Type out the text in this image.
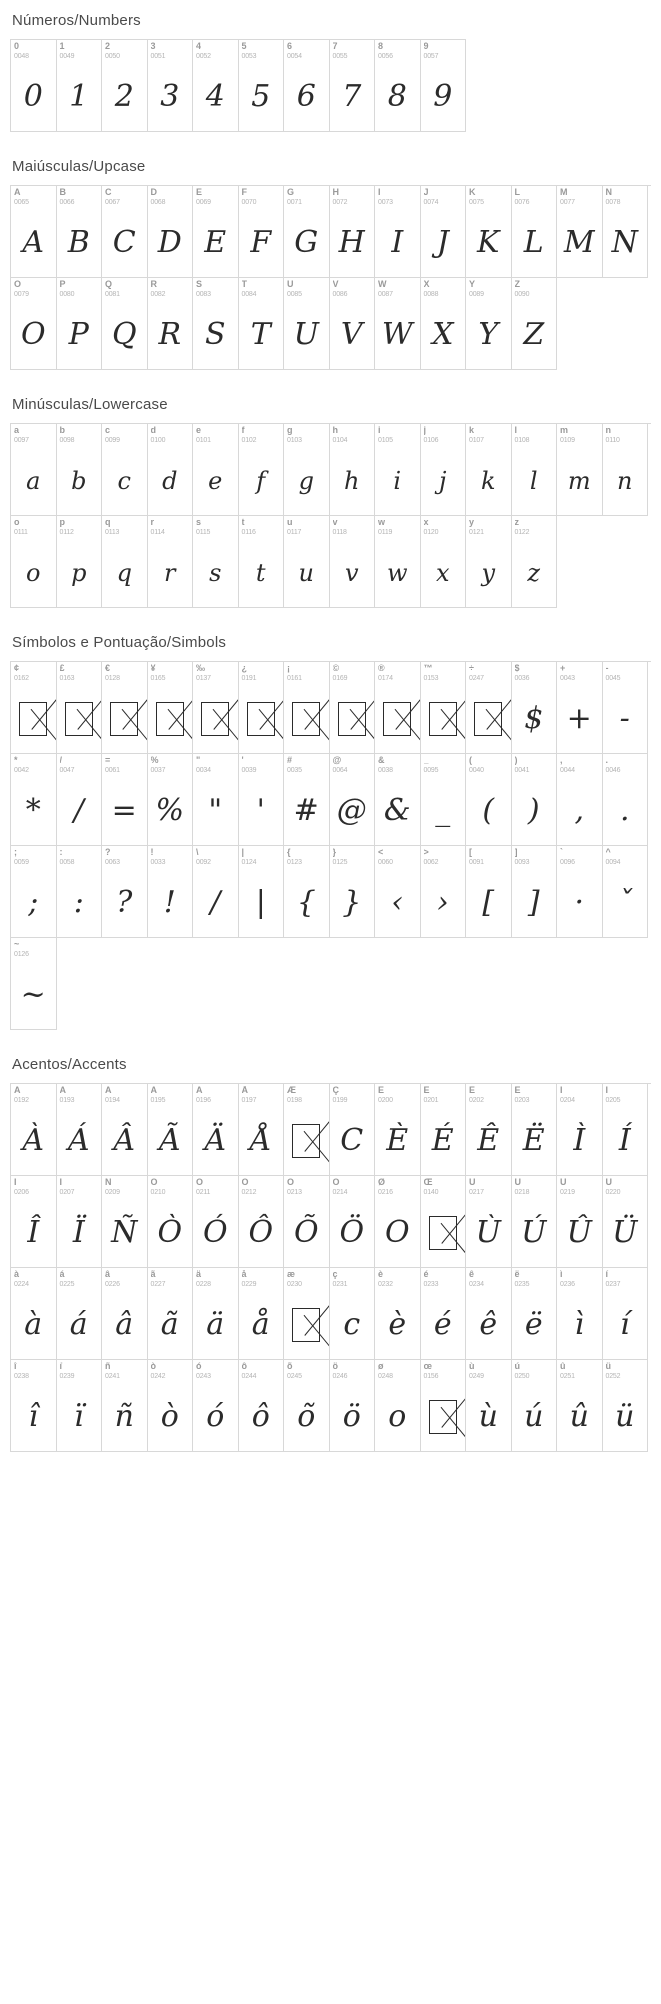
Números/Numbers
0
0048
0
1
0049
1
2
0050
2
3
0051
3
4
0052
4
5
0053
5
6
0054
6
7
0055
7
8
0056
8
9
0057
9
Maiúsculas/Upcase
A
0065
A
B
0066
B
C
0067
C
D
0068
D
E
0069
E
F
0070
F
G
0071
G
H
0072
H
I
0073
I
J
0074
J
K
0075
K
L
0076
L
M
0077
M
N
0078
N
O
0079
O
P
0080
P
Q
0081
Q
R
0082
R
S
0083
S
T
0084
T
U
0085
U
V
0086
V
W
0087
W
X
0088
X
Y
0089
Y
Z
0090
Z
Minúsculas/Lowercase
a
0097
a
b
0098
b
c
0099
c
d
0100
d
e
0101
e
f
0102
f
g
0103
g
h
0104
h
i
0105
i
j
0106
j
k
0107
k
l
0108
l
m
0109
m
n
0110
n
o
0111
o
p
0112
p
q
0113
q
r
0114
r
s
0115
s
t
0116
t
u
0117
u
v
0118
v
w
0119
w
x
0120
x
y
0121
y
z
0122
z
Símbolos e Pontuação/Simbols
¢
0162
£
0163
€
0128
¥
0165
‰
0137
¿
0191
¡
0161
©
0169
®
0174
™
0153
÷
0247
$
0036
$
+
0043
+
-
0045
-
*
0042
*
/
0047
/
=
0061
=
%
0037
%
"
0034
"
'
0039
'
#
0035
#
@
0064
@
&
0038
&
_
0095
_
(
0040
(
)
0041
)
,
0044
,
.
0046
.
;
0059
;
:
0058
:
?
0063
?
!
0033
!
\
0092
/
|
0124
|
{
0123
{
}
0125
}
<
0060
‹
>
0062
›
[
0091
[
]
0093
]
`
0096
·
^
0094
ˇ
~
0126
~
Acentos/Accents
À
0192
À
Á
0193
Á
Â
0194
Â
Ã
0195
Ã
Ä
0196
Ä
Å
0197
Å
Æ
0198
Ç
0199
C
È
0200
È
É
0201
É
Ê
0202
Ê
Ë
0203
Ë
Ì
0204
Ì
Í
0205
Í
Î
0206
Î
Ï
0207
Ï
Ñ
0209
Ñ
Ò
0210
Ò
Ó
0211
Ó
Ô
0212
Ô
Õ
0213
Õ
Ö
0214
Ö
Ø
0216
O
Œ
0140
Ù
0217
Ù
Ú
0218
Ú
Û
0219
Û
Ü
0220
Ü
à
0224
à
á
0225
á
â
0226
â
ã
0227
ã
ä
0228
ä
å
0229
å
æ
0230
ç
0231
c
è
0232
è
é
0233
é
ê
0234
ê
ë
0235
ë
ì
0236
ì
í
0237
í
î
0238
î
ï
0239
ï
ñ
0241
ñ
ò
0242
ò
ó
0243
ó
ô
0244
ô
õ
0245
õ
ö
0246
ö
ø
0248
o
œ
0156
ù
0249
ù
ú
0250
ú
û
0251
û
ü
0252
ü
